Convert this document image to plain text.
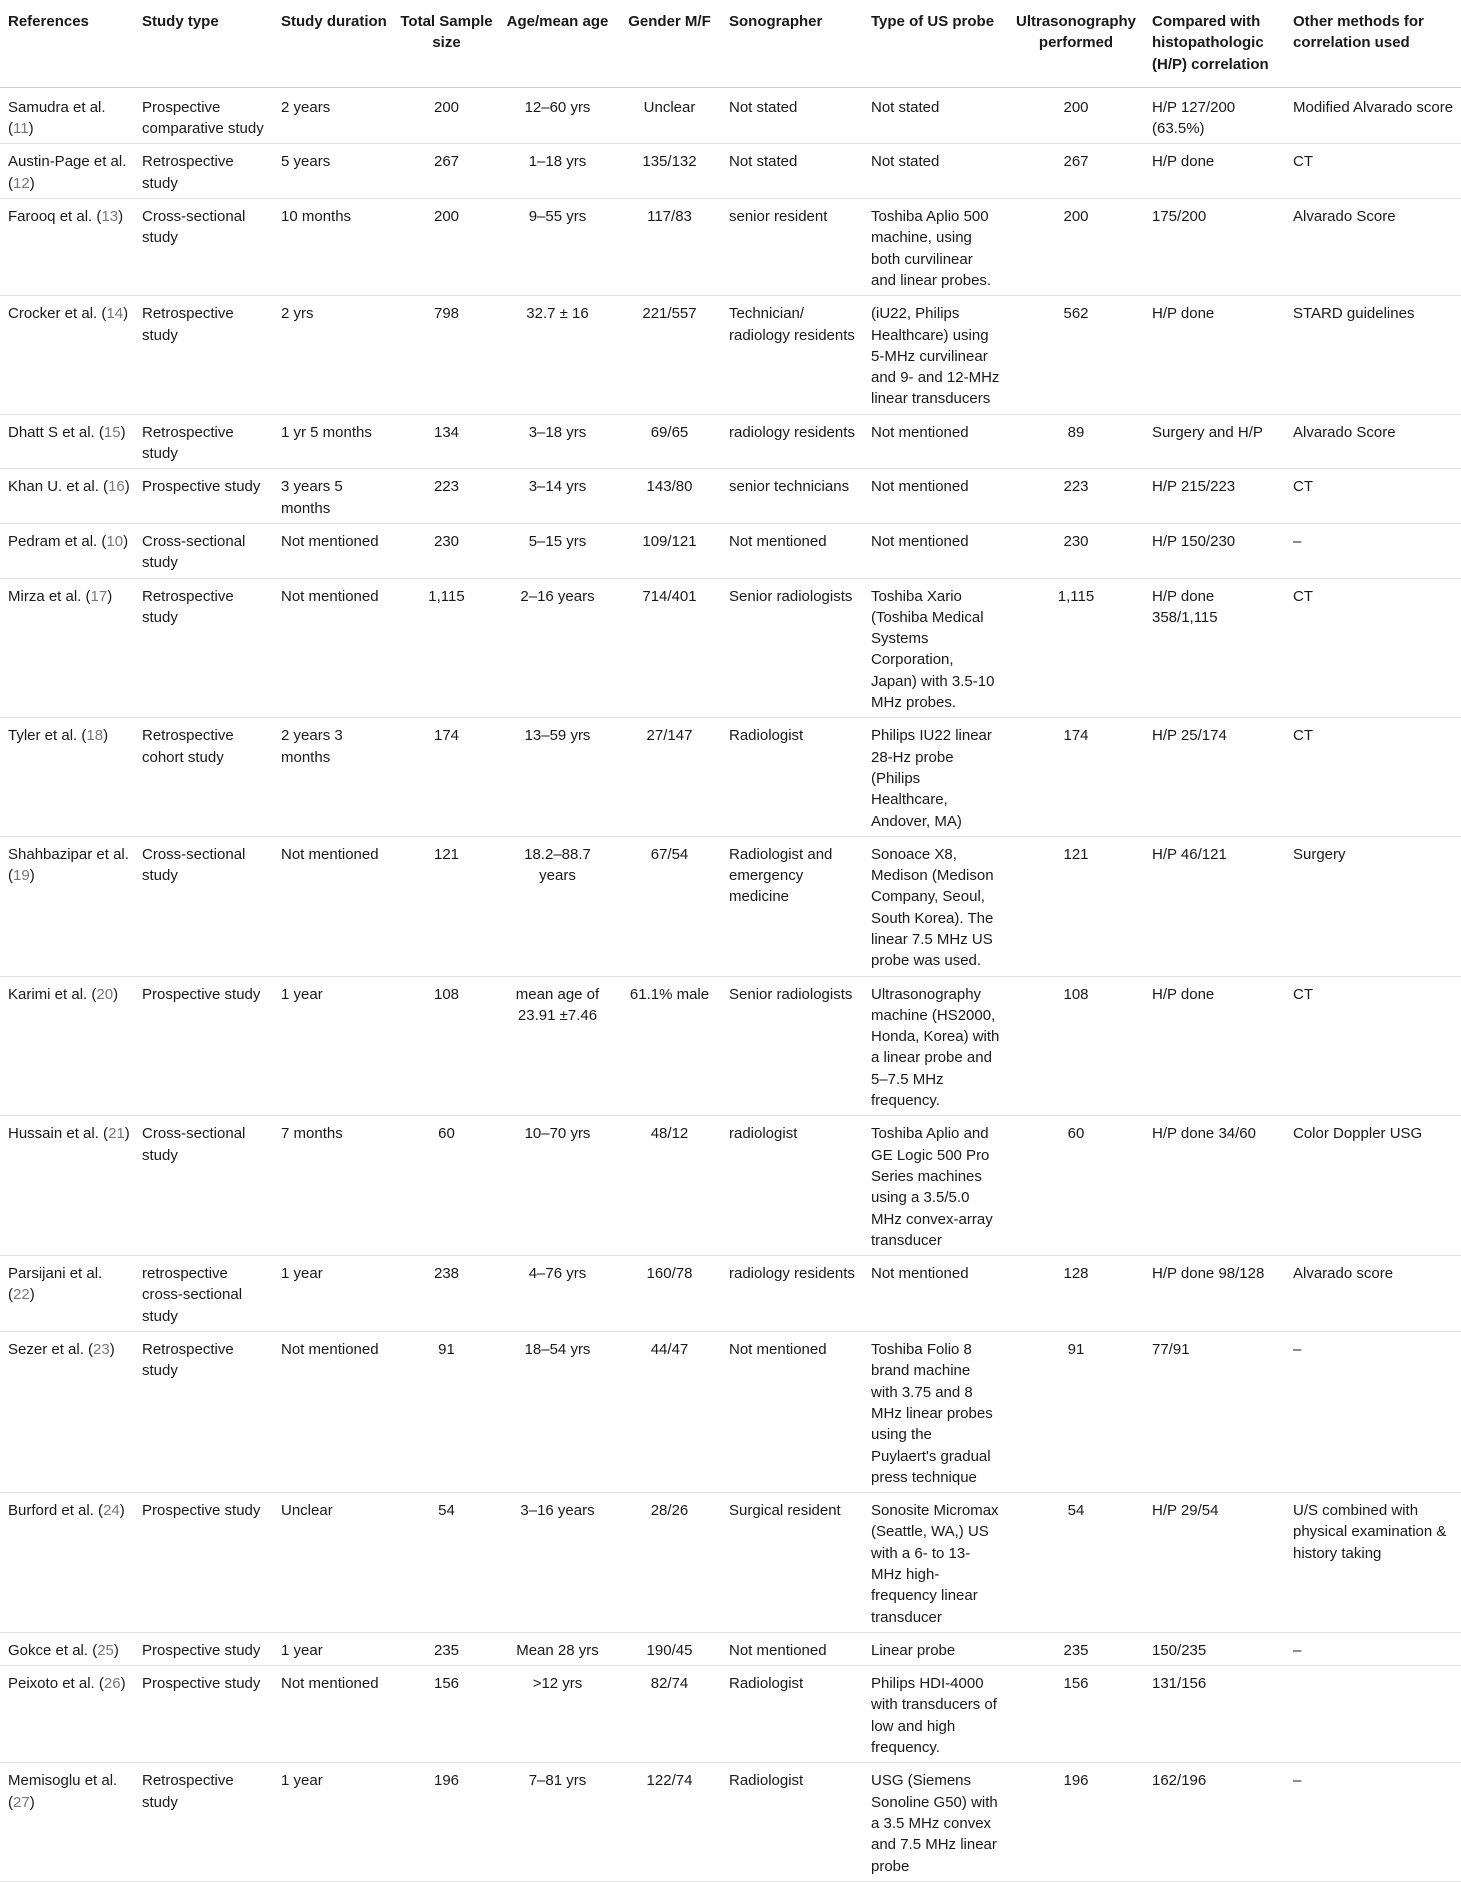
References	Study type	Study duration	Total Sample size	Age/mean age	Gender M/F	Sonographer	Type of US probe	Ultrasonography performed	Compared with histopathologic (H/P) correlation	Other methods for correlation used
Samudra et al. (11)	Prospective comparative study	2 years	200	12–60 yrs	Unclear	Not stated	Not stated	200	H/P 127/200 (63.5%)	Modified Alvarado score
Austin-Page et al. (12)	Retrospective study	5 years	267	1–18 yrs	135/132	Not stated	Not stated	267	H/P done	CT
Farooq et al. (13)	Cross-sectional study	10 months	200	9–55 yrs	117/83	senior resident	Toshiba Aplio 500 machine, using both curvilinear and linear probes.	200	175/200	Alvarado Score
Crocker et al. (14)	Retrospective study	2 yrs	798	32.7 ± 16	221/557	Technician/ radiology residents	(iU22, Philips Healthcare) using 5-MHz curvilinear and 9- and 12-MHz linear transducers	562	H/P done	STARD guidelines
Dhatt S et al. (15)	Retrospective study	1 yr 5 months	134	3–18 yrs	69/65	radiology residents	Not mentioned	89	Surgery and H/P	Alvarado Score
Khan U. et al. (16)	Prospective study	3 years 5 months	223	3–14 yrs	143/80	senior technicians	Not mentioned	223	H/P 215/223	CT
Pedram et al. (10)	Cross-sectional study	Not mentioned	230	5–15 yrs	109/121	Not mentioned	Not mentioned	230	H/P 150/230	–
Mirza et al. (17)	Retrospective study	Not mentioned	1,115	2–16 years	714/401	Senior radiologists	Toshiba Xario (Toshiba Medical Systems Corporation, Japan) with 3.5-10 MHz probes.	1,115	H/P done 358/1,115	CT
Tyler et al. (18)	Retrospective cohort study	2 years 3 months	174	13–59 yrs	27/147	Radiologist	Philips IU22 linear 28-Hz probe (Philips Healthcare, Andover, MA)	174	H/P 25/174	CT
Shahbazipar et al. (19)	Cross-sectional study	Not mentioned	121	18.2–88.7 years	67/54	Radiologist and emergency medicine	Sonoace X8, Medison (Medison Company, Seoul, South Korea). The linear 7.5 MHz US probe was used.	121	H/P 46/121	Surgery
Karimi et al. (20)	Prospective study	1 year	108	mean age of 23.91 ±7.46	61.1% male	Senior radiologists	Ultrasonography machine (HS2000, Honda, Korea) with a linear probe and 5–7.5 MHz frequency.	108	H/P done	CT
Hussain et al. (21)	Cross-sectional study	7 months	60	10–70 yrs	48/12	radiologist	Toshiba Aplio and GE Logic 500 Pro Series machines using a 3.5/5.0 MHz convex-array transducer	60	H/P done 34/60	Color Doppler USG
Parsijani et al. (22)	retrospective cross-sectional study	1 year	238	4–76 yrs	160/78	radiology residents	Not mentioned	128	H/P done 98/128	Alvarado score
Sezer et al. (23)	Retrospective study	Not mentioned	91	18–54 yrs	44/47	Not mentioned	Toshiba Folio 8 brand machine with 3.75 and 8 MHz linear probes using the Puylaert's gradual press technique	91	77/91	–
Burford et al. (24)	Prospective study	Unclear	54	3–16 years	28/26	Surgical resident	Sonosite Micromax (Seattle, WA,) US with a 6- to 13-MHz high-frequency linear transducer	54	H/P 29/54	U/S combined with physical examination & history taking
Gokce et al. (25)	Prospective study	1 year	235	Mean 28 yrs	190/45	Not mentioned	Linear probe	235	150/235	–
Peixoto et al. (26)	Prospective study	Not mentioned	156	>12 yrs	82/74	Radiologist	Philips HDI-4000 with transducers of low and high frequency.	156	131/156	
Memisoglu et al. (27)	Retrospective study	1 year	196	7–81 yrs	122/74	Radiologist	USG (Siemens Sonoline G50) with a 3.5 MHz convex and 7.5 MHz linear probe	196	162/196	–
